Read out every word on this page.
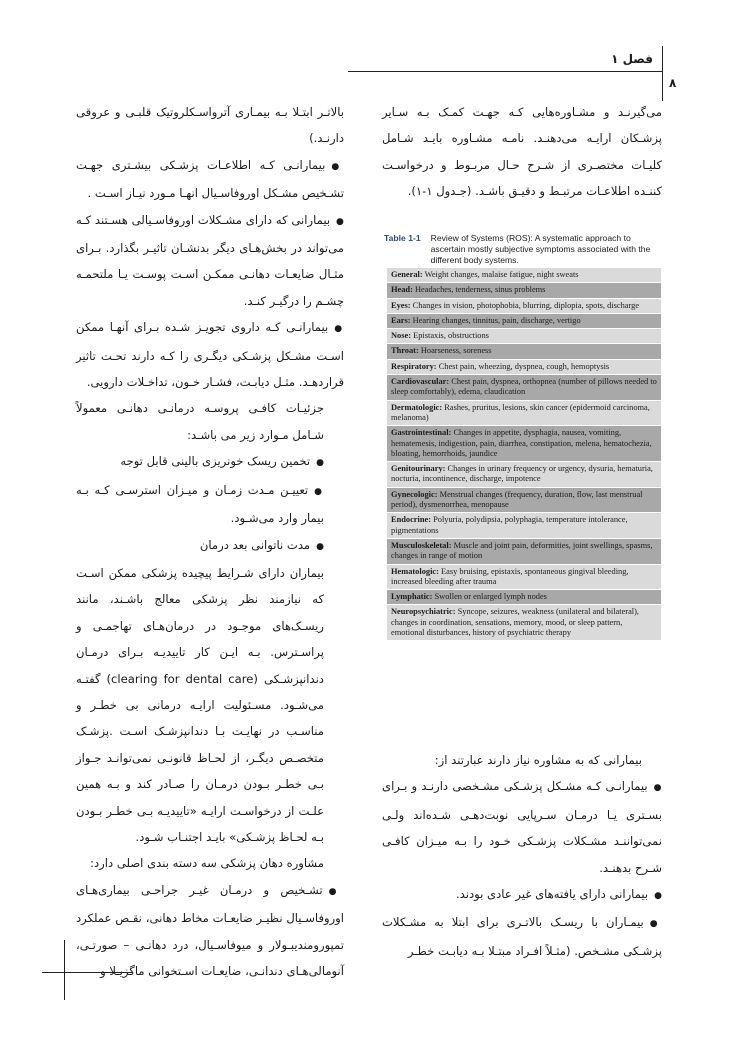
فصل ۱
۸

می‌گیرنـد و مشـاوره‌هایی کـه جهـت کمـک بـه سـایر پزشـکان ارایـه می‌دهنـد. نامـه مشـاوره بایـد شـامل کلیـات مختصـری از شـرح حـال مربـوط و درخواسـت کننـده اطلاعـات مرتبـط و دقیـق باشـد. (جـدول ۱-۱).

Table 1-1 Review of Systems (ROS): A systematic approach to ascertain mostly subjective symptoms associated with the different body systems.
General: Weight changes, malaise fatigue, night sweats
Head: Headaches, tenderness, sinus problems
Eyes: Changes in vision, photophobia, blurring, diplopia, spots, discharge
Ears: Hearing changes, tinnitus, pain, discharge, vertigo
Nose: Epistaxis, obstructions
Throat: Hoarseness, soreness
Respiratory: Chest pain, wheezing, dyspnea, cough, hemoptysis
Cardiovascular: Chest pain, dyspnea, orthopnea (number of pillows needed to sleep comfortably), edema, claudication
Dermatologic: Rashes, pruritus, lesions, skin cancer (epidermoid carcinoma, melanoma)
Gastrointestinal: Changes in appetite, dysphagia, nausea, vomiting, hematemesis, indigestion, pain, diarrhea, constipation, melena, hematochezia, bloating, hemorrhoids, jaundice
Genitourinary: Changes in urinary frequency or urgency, dysuria, hematuria, nocturia, incontinence, discharge, impotence
Gynecologic: Menstrual changes (frequency, duration, flow, last menstrual period), dysmenorrhea, menopause
Endocrine: Polyuria, polydipsia, polyphagia, temperature intolerance, pigmentations
Musculoskeletal: Muscle and joint pain, deformities, joint swellings, spasms, changes in range of motion
Hematologic: Easy bruising, epistaxis, spontaneous gingival bleeding, increased bleeding after trauma
Lymphatic: Swollen or enlarged lymph nodes
Neuropsychiatric: Syncope, seizures, weakness (unilateral and bilateral), changes in coordination, sensations, memory, mood, or sleep pattern, emotional disturbances, history of psychiatric therapy

بیمارانی که به مشاوره نیاز دارند عبارتند از:

● بیمارانـی کـه مشـکل پزشـکی مشـخصی دارنـد و بـرای بسـتری یـا درمـان سـرپایی نوبت‌دهـی شـده‌اند ولـی نمی‌تواننـد مشـکلات پزشـکی خـود را بـه میـزان کافـی شـرح بدهنـد.

● بیمارانی دارای یافته‌های غیر عادی بودند.

● بیمـاران با ریسـک بالاتـری برای ابتلا به مشـکلات پزشـکی مشـخص. (مثـلاً افـراد مبتـلا بـه دیابـت خطـر

بالاتـر ابتـلا بـه بیمـاری آترواسـکلروتیک قلبـی و عروقی دارنـد.)

● بیمارانـی کـه اطلاعـات پزشـکی بیشـتری جهـت تشـخیص مشـکل اوروفاسـیال انهـا مـورد نیـاز اسـت .

● بیمارانی که دارای مشـکلات اوروفاسـیالی هسـتند کـه می‌تواند در بخش‌هـای دیگر بدنشـان تاثیـر بگذارد. بـرای مثـال ضایعـات دهانـی ممکـن اسـت پوسـت یـا ملتحمـه چشـم را درگیـر کنـد.

● بیمارانـی کـه داروی تجویـز شـده بـرای آنهـا ممکن اسـت مشـکل پزشـکی دیگـری را کـه دارند تحـت تاثیر قراردهـد. مثـل دیابـت، فشـار خـون، تداخـلات دارویی.

جزئیـات کافـی پروسـه درمانـی دهانـی معمولاً شـامل مـوارد زیر می باشـد:

● تخمین ریسک خونریزی بالینی قابل توجه

● تعییـن مـدت زمـان و میـزان استرسـی کـه بـه بیمار وارد می‌شـود.

● مدت ناتوانی بعد درمان

بیماران دارای شـرایط پیچیده پزشکی ممکن اسـت که نیازمند نظر پزشکی معالج باشـند، مانند ریسـک‌های موجـود در درمان‌هـای تهاجمـی و پراسـترس. بـه ایـن کار تاییدیـه بـرای درمـان دندانپزشـکی (clearing for dental care) گفتـه می‌شـود. مسـئولیت ارایـه درمانی بی خطـر و مناسـب در نهایـت بـا دندانپزشـک اسـت .پزشـک متخصـص دیگـر، از لحـاظ قانونـی نمی‌توانـد جـواز بـی خطـر بـودن درمـان را صـادر کند و بـه همین علـت از درخواسـت ارایـه «تاییدیـه بـی خطـر بـودن بـه لحـاظ پزشـکی» بایـد اجتنـاب شـود.

مشاوره دهان پزشکی سه دسته بندی اصلی دارد:

● تشـخیص و درمـان غیـر جراحـی بیماری‌هـای اوروفاسـیال نظیـر ضایعـات مخاط دهانی، نقـص عملکرد تمپورومندیبـولار و میوفاسـیال، درد دهانـی – صورتـی، آنومالی‌هـای دندانـی، ضایعـات اسـتخوانی ماگزیـلا و
